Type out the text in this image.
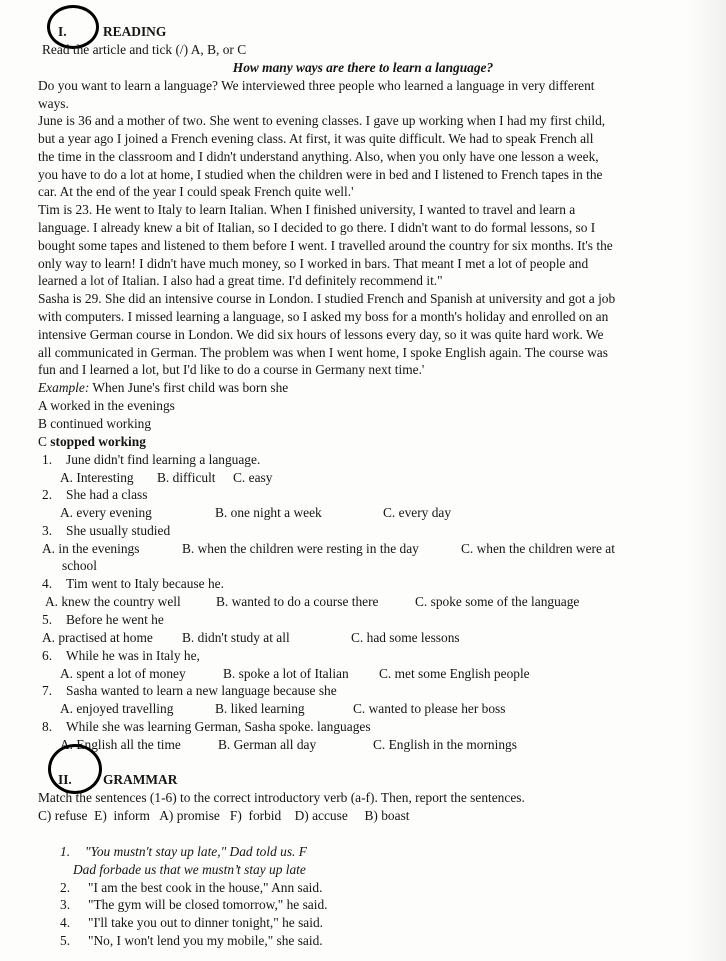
I.	READING
Read the article and tick (/) A, B, or C
How many ways are there to learn a language?
Do you want to learn a language? We interviewed three people who learned a language in very different
ways.
June is 36 and a mother of two. She went to evening classes. I gave up working when I had my first child,
but a year ago I joined a French evening class. At first, it was quite difficult. We had to speak French all
the time in the classroom and I didn't understand anything. Also, when you only have one lesson a week,
you have to do a lot at home, I studied when the children were in bed and I listened to French tapes in the
car. At the end of the year I could speak French quite well.'
Tim is 23. He went to Italy to learn Italian. When I finished university, I wanted to travel and learn a
language. I already knew a bit of Italian, so I decided to go there. I didn't want to do formal lessons, so I
bought some tapes and listened to them before I went. I travelled around the country for six months. It's the
only way to learn! I didn't have much money, so I worked in bars. That meant I met a lot of people and
learned a lot of Italian. I also had a great time. I'd definitely recommend it."
Sasha is 29. She did an intensive course in London. I studied French and Spanish at university and got a job
with computers. I missed learning a language, so I asked my boss for a month's holiday and enrolled on an
intensive German course in London. We did six hours of lessons every day, so it was quite hard work. We
all communicated in German. The problem was when I went home, I spoke English again. The course was
fun and I learned a lot, but I'd like to do a course in Germany next time.'
Example: When June's first child was born she
A worked in the evenings
B continued working
C stopped working
1. June didn't find learning a language.
A. Interesting B. difficult C. easy
2. She had a class
A. every evening	B. one night a week	C. every day
3. She usually studied
A. in the evenings	B. when the children were resting in the day	C. when the children were at
school
4. Tim went to Italy because he.
A. knew the country well	B. wanted to do a course there	C. spoke some of the language
5. Before he went he
A. practised at home B. didn't study at all	C. had some lessons
6. While he was in Italy he,
A. spent a lot of money	B. spoke a lot of Italian C. met some English people
7. Sasha wanted to learn a new language because she
A. enjoyed travelling	B. liked learning	C. wanted to please her boss
8. While she was learning German, Sasha spoke. languages
A. English all the time	B. German all day	C. English in the mornings
II. GRAMMAR
Match the sentences (1-6) to the correct introductory verb (a-f). Then, report the sentences.
C) refuse  E)  inform   A) promise   F)  forbid    D) accuse     B) boast
1. "You mustn't stay up late," Dad told us. F
Dad forbade us that we mustn’t stay up late
2. "I am the best cook in the house," Ann said.
3. "The gym will be closed tomorrow," he said.
4. "I'll take you out to dinner tonight," he said.
5. "No, I won't lend you my mobile," she said.
